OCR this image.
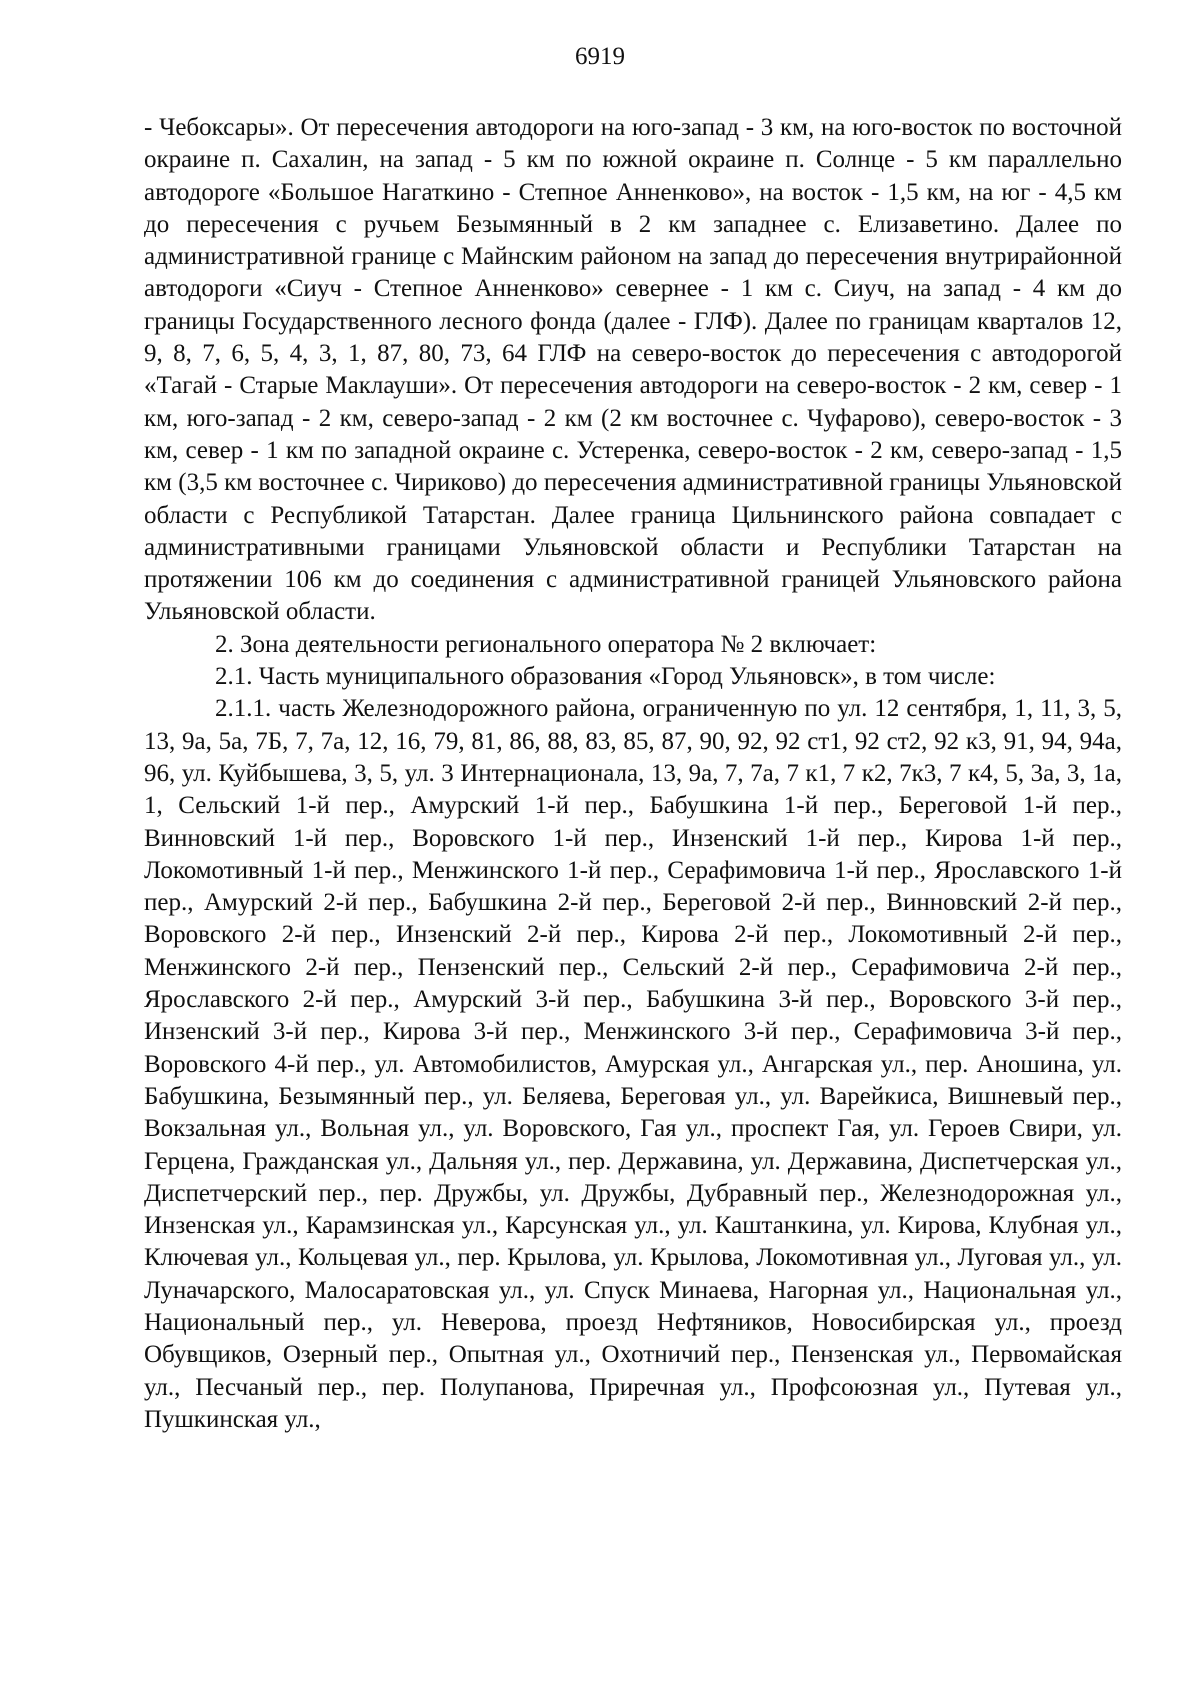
6919

- Чебоксары». От пересечения автодороги на юго-запад - 3 км, на юго-восток по восточной окраине п. Сахалин, на запад - 5 км по южной окраине п. Солнце - 5 км параллельно автодороге «Большое Нагаткино - Степное Анненково», на восток - 1,5 км, на юг - 4,5 км до пересечения с ручьем Безымянный в 2 км западнее с. Елизаветино. Далее по административной границе с Майнским районом на запад до пересечения внутрирайонной автодороги «Сиуч - Степное Анненково» севернее - 1 км с. Сиуч, на запад - 4 км до границы Государственного лесного фонда (далее - ГЛФ). Далее по границам кварталов 12, 9, 8, 7, 6, 5, 4, 3, 1, 87, 80, 73, 64 ГЛФ на северо-восток до пересечения с автодорогой «Тагай - Старые Маклауши». От пересечения автодороги на северо-восток - 2 км, север - 1 км, юго-запад - 2 км, северо-запад - 2 км (2 км восточнее с. Чуфарово), северо-восток - 3 км, север - 1 км по западной окраине с. Устеренка, северо-восток - 2 км, северо-запад - 1,5 км (3,5 км восточнее с. Чириково) до пересечения административной границы Ульяновской области с Республикой Татарстан. Далее граница Цильнинского района совпадает с административными границами Ульяновской области и Республики Татарстан на протяжении 106 км до соединения с административной границей Ульяновского района Ульяновской области.

2. Зона деятельности регионального оператора № 2 включает:

2.1. Часть муниципального образования «Город Ульяновск», в том числе:

2.1.1. часть Железнодорожного района, ограниченную по ул. 12 сентября, 1, 11, 3, 5, 13, 9а, 5а, 7Б, 7, 7а, 12, 16, 79, 81, 86, 88, 83, 85, 87, 90, 92, 92 ст1, 92 ст2, 92 к3, 91, 94, 94а, 96, ул. Куйбышева, 3, 5, ул. 3 Интернационала, 13, 9а, 7, 7а, 7 к1, 7 к2, 7к3, 7 к4, 5, 3а, 3, 1а, 1, Сельский 1-й пер., Амурский 1-й пер., Бабушкина 1-й пер., Береговой 1-й пер., Винновский 1-й пер., Воровского 1-й пер., Инзенский 1-й пер., Кирова 1-й пер., Локомотивный 1-й пер., Менжинского 1-й пер., Серафимовича 1-й пер., Ярославского 1-й пер., Амурский 2-й пер., Бабушкина 2-й пер., Береговой 2-й пер., Винновский 2-й пер., Воровского 2-й пер., Инзенский 2-й пер., Кирова 2-й пер., Локомотивный 2-й пер., Менжинского 2-й пер., Пензенский пер., Сельский 2-й пер., Серафимовича 2-й пер., Ярославского 2-й пер., Амурский 3-й пер., Бабушкина 3-й пер., Воровского 3-й пер., Инзенский 3-й пер., Кирова 3-й пер., Менжинского 3-й пер., Серафимовича 3-й пер., Воровского 4-й пер., ул. Автомобилистов, Амурская ул., Ангарская ул., пер. Аношина, ул. Бабушкина, Безымянный пер., ул. Беляева, Береговая ул., ул. Варейкиса, Вишневый пер., Вокзальная ул., Вольная ул., ул. Воровского, Гая ул., проспект Гая, ул. Героев Свири, ул. Герцена, Гражданская ул., Дальняя ул., пер. Державина, ул. Державина, Диспетчерская ул., Диспетчерский пер., пер. Дружбы, ул. Дружбы, Дубравный пер., Железнодорожная ул., Инзенская ул., Карамзинская ул., Карсунская ул., ул. Каштанкина, ул. Кирова, Клубная ул., Ключевая ул., Кольцевая ул., пер. Крылова, ул. Крылова, Локомотивная ул., Луговая ул., ул. Луначарского, Малосаратовская ул., ул. Спуск Минаева, Нагорная ул., Национальная ул., Национальный пер., ул. Неверова, проезд Нефтяников, Новосибирская ул., проезд Обувщиков, Озерный пер., Опытная ул., Охотничий пер., Пензенская ул., Первомайская ул., Песчаный пер., пер. Полупанова, Приречная ул., Профсоюзная ул., Путевая ул., Пушкинская ул.,
